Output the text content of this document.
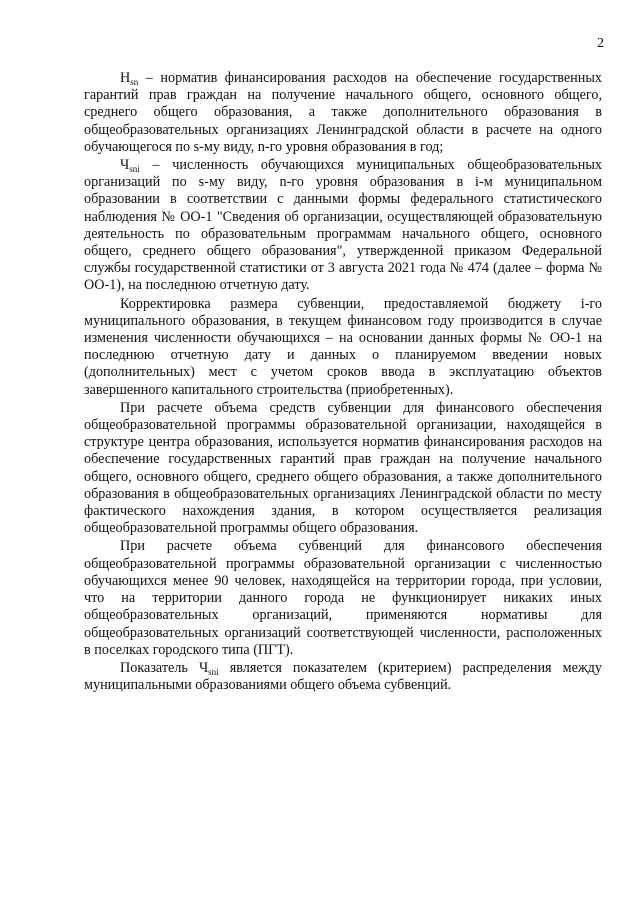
2

$H_{sn}$ – норматив финансирования расходов на обеспечение государственных гарантий прав граждан на получение начального общего, основного общего, среднего общего образования, а также дополнительного образования в общеобразовательных организациях Ленинградской области в расчете на одного обучающегося по s-му виду, n-го уровня образования в год;

$Ч_{sni}$ – численность обучающихся муниципальных общеобразовательных организаций по s-му виду, n-го уровня образования в i-м муниципальном образовании в соответствии с данными формы федерального статистического наблюдения № ОО-1 "Сведения об организации, осуществляющей образовательную деятельность по образовательным программам начального общего, основного общего, среднего общего образования", утвержденной приказом Федеральной службы государственной статистики от 3 августа 2021 года № 474 (далее – форма № ОО-1), на последнюю отчетную дату.

Корректировка размера субвенции, предоставляемой бюджету i-го муниципального образования, в текущем финансовом году производится в случае изменения численности обучающихся – на основании данных формы № ОО-1 на последнюю отчетную дату и данных о планируемом введении новых (дополнительных) мест с учетом сроков ввода в эксплуатацию объектов завершенного капитального строительства (приобретенных).

При расчете объема средств субвенции для финансового обеспечения общеобразовательной программы образовательной организации, находящейся в структуре центра образования, используется норматив финансирования расходов на обеспечение государственных гарантий прав граждан на получение начального общего, основного общего, среднего общего образования, а также дополнительного образования в общеобразовательных организациях Ленинградской области по месту фактического нахождения здания, в котором осуществляется реализация общеобразовательной программы общего образования.

При расчете объема субвенций для финансового обеспечения общеобразовательной программы образовательной организации с численностью обучающихся менее 90 человек, находящейся на территории города, при условии, что на территории данного города не функционирует никаких иных общеобразовательных организаций, применяются нормативы для общеобразовательных организаций соответствующей численности, расположенных в поселках городского типа (ПГТ).

Показатель $Ч_{sni}$ является показателем (критерием) распределения между муниципальными образованиями общего объема субвенций.
